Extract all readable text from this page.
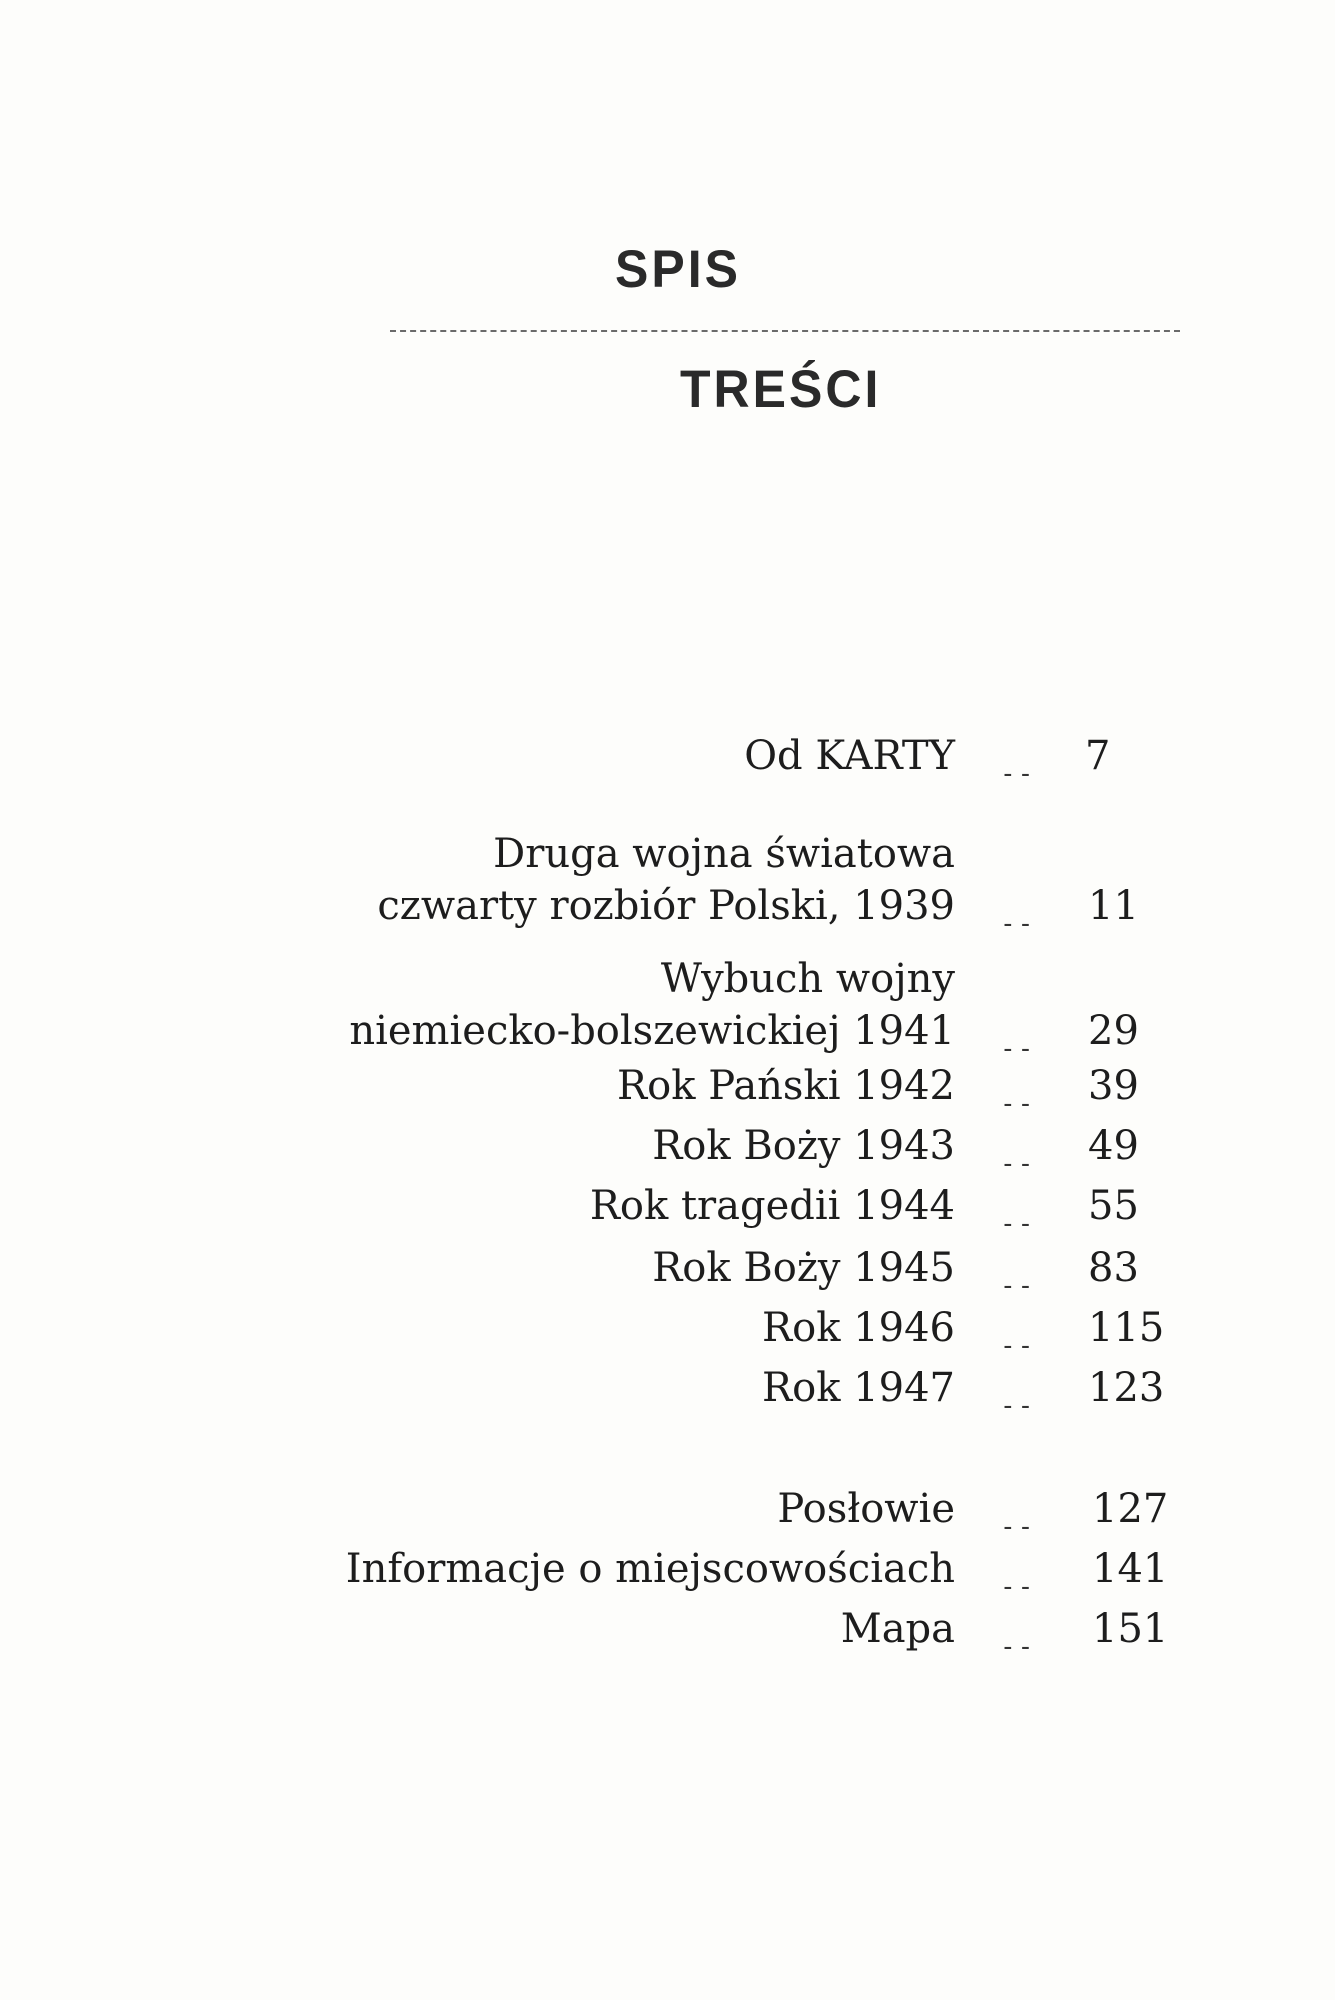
SPIS
TREŚCI
Od KARTY -- 7
Druga wojna światowa
czwarty rozbiór Polski, 1939 -- 11
Wybuch wojny
niemiecko-bolszewickiej 1941 -- 29
Rok Pański 1942 -- 39
Rok Boży 1943 -- 49
Rok tragedii 1944 -- 55
Rok Boży 1945 -- 83
Rok 1946 -- 115
Rok 1947 -- 123
Posłowie -- 127
Informacje o miejscowościach -- 141
Mapa -- 151
